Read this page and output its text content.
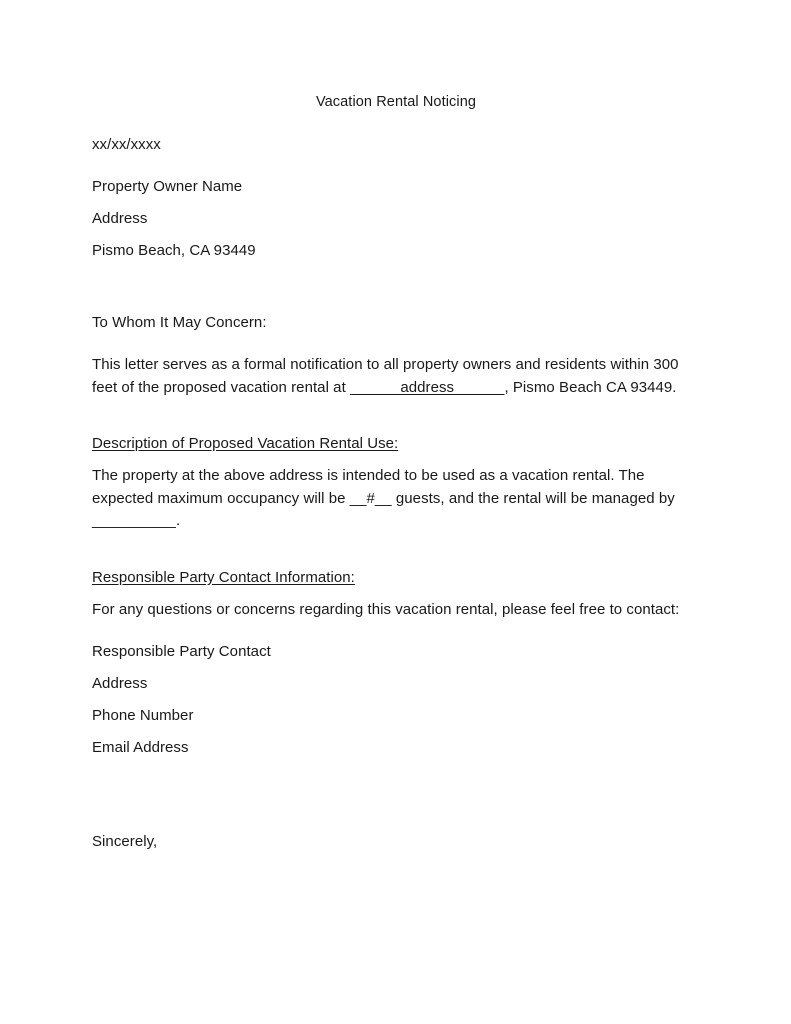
Vacation Rental Noticing
xx/xx/xxxx
Property Owner Name
Address
Pismo Beach, CA 93449
To Whom It May Concern:

This letter serves as a formal notification to all property owners and residents within 300 feet of the proposed vacation rental at ______address______, Pismo Beach CA 93449.

Description of Proposed Vacation Rental Use:

The property at the above address is intended to be used as a vacation rental. The expected maximum occupancy will be __#__ guests, and the rental will be managed by __________.

Responsible Party Contact Information:
For any questions or concerns regarding this vacation rental, please feel free to contact:
Responsible Party Contact
Address
Phone Number
Email Address
Sincerely,
